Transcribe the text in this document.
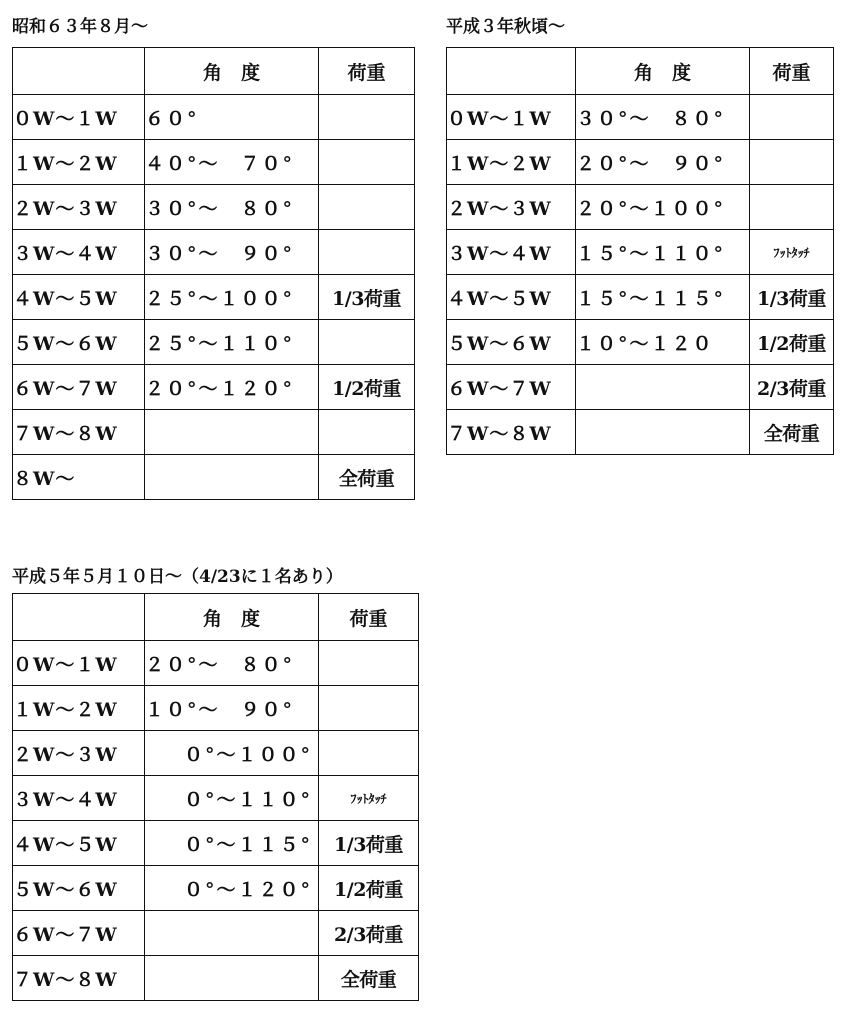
昭和６３年８月～
	角　度	荷重
０W～１W	６０°	
１W～２W	４０°～　７０°	
２W～３W	３０°～　８０°	
３W～４W	３０°～　９０°	
４W～５W	２５°～１００°	1/3荷重
５W～６W	２５°～１１０°	
６W～７W	２０°～１２０°	1/2荷重
７W～８W		
８W～		全荷重
平成３年秋頃～
	角　度	荷重
０W～１W	３０°～　８０°	
１W～２W	２０°～　９０°	
２W～３W	２０°～１００°	
３W～４W	１５°～１１０°	ﾌｯﾄﾀｯﾁ
４W～５W	１５°～１１５°	1/3荷重
５W～６W	１０°～１２０	1/2荷重
６W～７W		2/3荷重
７W～８W		全荷重
平成５年５月１０日～（4/23に１名あり）
	角　度	荷重
０W～１W	２０°～　８０°	
１W～２W	１０°～　９０°	
２W～３W	０°～１００°	
３W～４W	０°～１１０°	ﾌｯﾄﾀｯﾁ
４W～５W	０°～１１５°	1/3荷重
５W～６W	０°～１２０°	1/2荷重
６W～７W		2/3荷重
７W～８W		全荷重
